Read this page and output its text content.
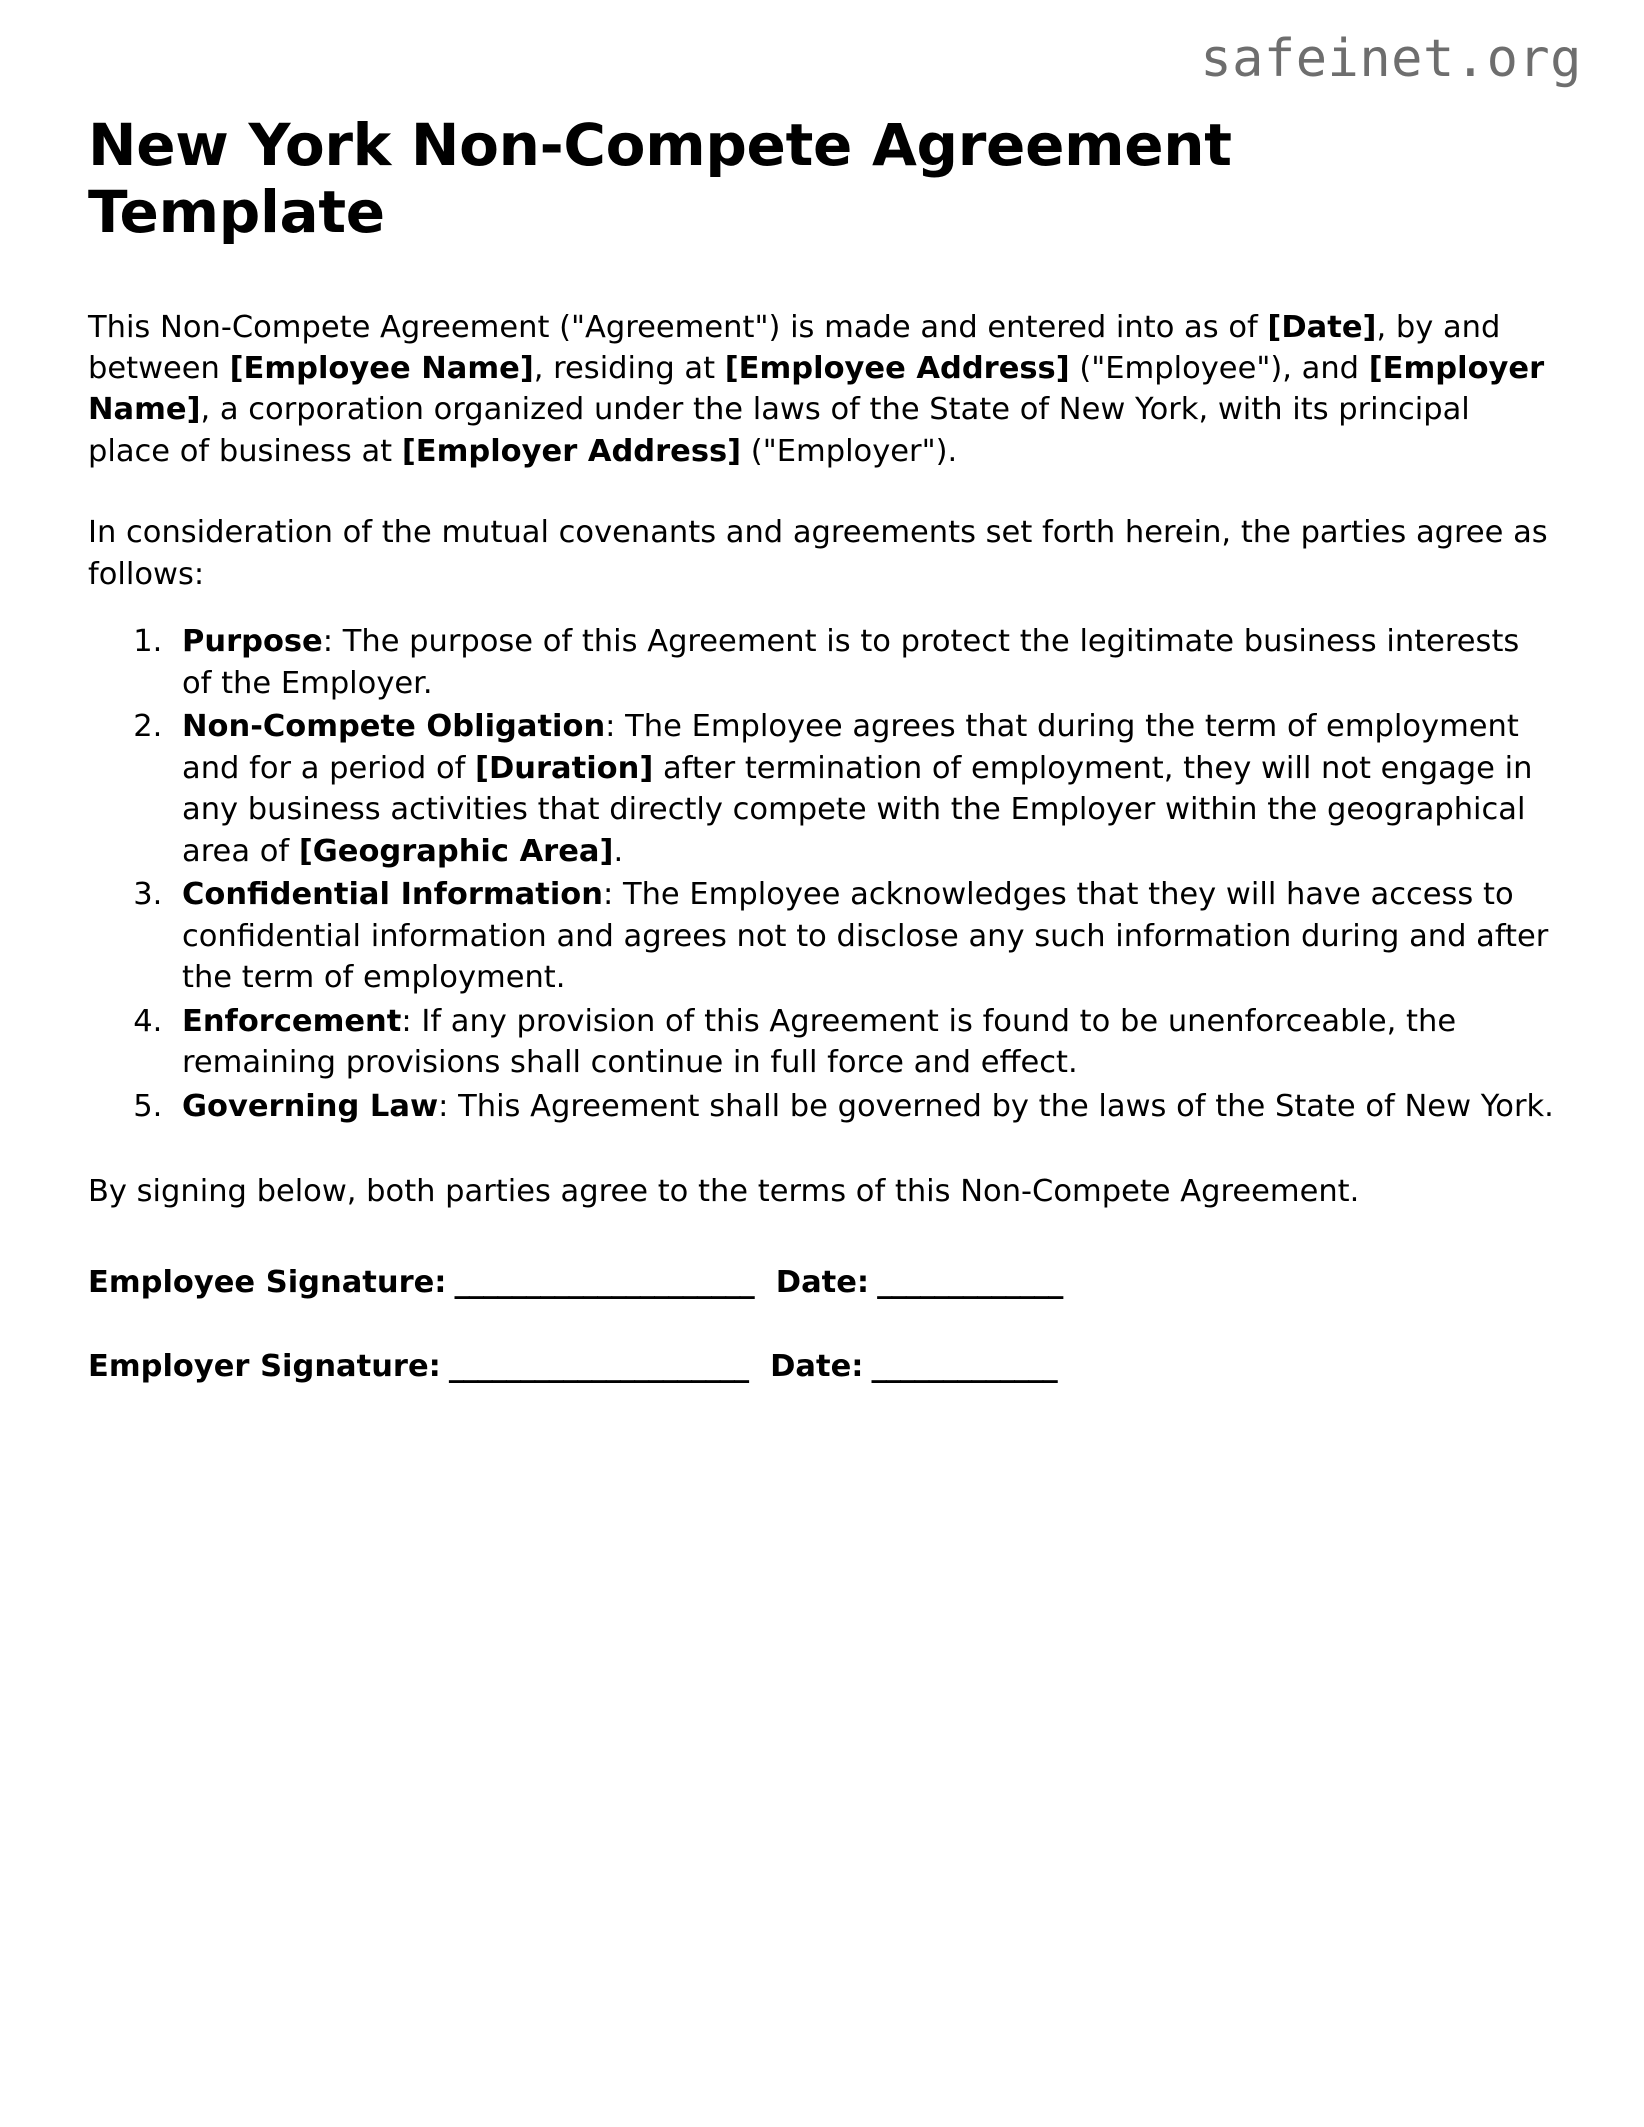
safeinet.org
New York Non-Compete Agreement Template

This Non-Compete Agreement ("Agreement") is made and entered into as of [Date], by and between [Employee Name], residing at [Employee Address] ("Employee"), and [Employer Name], a corporation organized under the laws of the State of New York, with its principal place of business at [Employer Address] ("Employer").

In consideration of the mutual covenants and agreements set forth herein, the parties agree as follows:

1. Purpose: The purpose of this Agreement is to protect the legitimate business interests of the Employer.
2. Non-Compete Obligation: The Employee agrees that during the term of employment and for a period of [Duration] after termination of employment, they will not engage in any business activities that directly compete with the Employer within the geographical area of [Geographic Area].
3. Confidential Information: The Employee acknowledges that they will have access to confidential information and agrees not to disclose any such information during and after the term of employment.
4. Enforcement: If any provision of this Agreement is found to be unenforceable, the remaining provisions shall continue in full force and effect.
5. Governing Law: This Agreement shall be governed by the laws of the State of New York.

By signing below, both parties agree to the terms of this Non-Compete Agreement.

Employee Signature: _____________________ Date: _____________
Employer Signature: _____________________ Date: _____________
